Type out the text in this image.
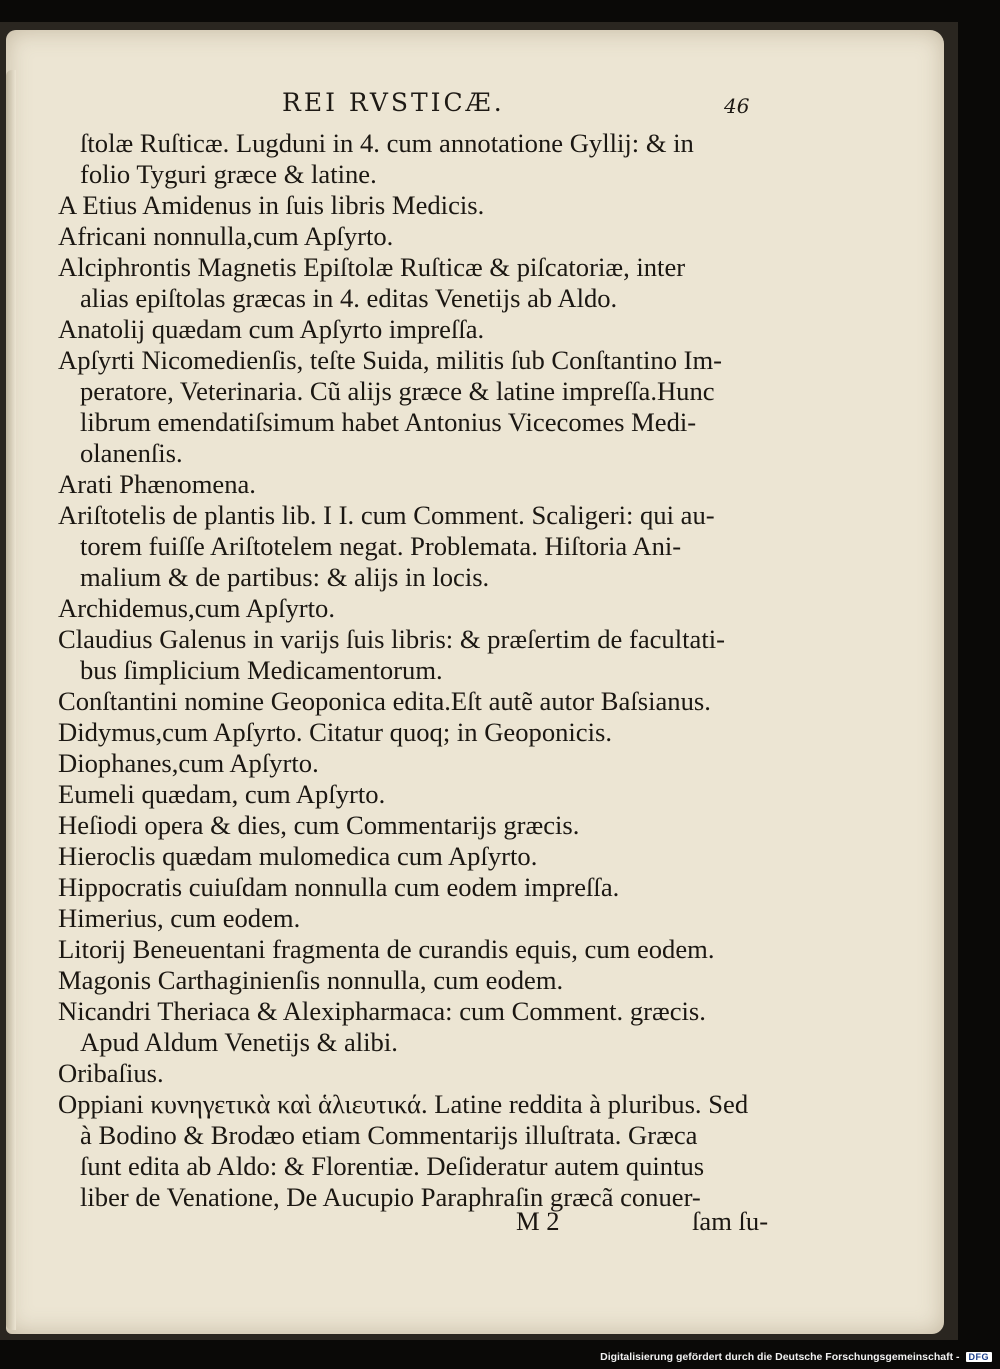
REI RVSTICÆ.	46
ſtolæ Ruſticæ. Lugduni in 4. cum annotatione Gyllij: & in
folio Tyguri græce & latine.
A Etius Amidenus in ſuis libris Medicis.
Africani nonnulla,cum Apſyrto.
Alciphrontis Magnetis Epiſtolæ Ruſticæ & piſcatoriæ, inter
alias epiſtolas græcas in 4. editas Venetijs ab Aldo.
Anatolij quædam cum Apſyrto impreſſa.
Apſyrti Nicomedienſis, teſte Suida, militis ſub Conſtantino Im-
peratore, Veterinaria. Cũ alijs græce & latine impreſſa.Hunc
librum emendatiſsimum habet Antonius Vicecomes Medi-
olanenſis.
Arati Phænomena.
Ariſtotelis de plantis lib. I I. cum Comment. Scaligeri: qui au-
torem fuiſſe Ariſtotelem negat. Problemata. Hiſtoria Ani-
malium & de partibus: & alijs in locis.
Archidemus,cum Apſyrto.
Claudius Galenus in varijs ſuis libris: & præſertim de facultati-
bus ſimplicium Medicamentorum.
Conſtantini nomine Geoponica edita.Eſt autẽ autor Baſsianus.
Didymus,cum Apſyrto. Citatur quoq; in Geoponicis.
Diophanes,cum Apſyrto.
Eumeli quædam, cum Apſyrto.
Heſiodi opera & dies, cum Commentarijs græcis.
Hieroclis quædam mulomedica cum Apſyrto.
Hippocratis cuiuſdam nonnulla cum eodem impreſſa.
Himerius, cum eodem.
Litorij Beneuentani fragmenta de curandis equis, cum eodem.
Magonis Carthaginienſis nonnulla, cum eodem.
Nicandri Theriaca & Alexipharmaca: cum Comment. græcis.
Apud Aldum Venetijs & alibi.
Oribaſius.
Oppiani κυνηγετικὰ καὶ ἁλιευτικά. Latine reddita à pluribus. Sed
à Bodino & Brodæo etiam Commentarijs illuſtrata. Græca
ſunt edita ab Aldo: & Florentiæ. Deſideratur autem quintus
liber de Venatione, De Aucupio Paraphraſin græcã conuer-
M 2	ſam ſu-
Digitalisierung gefördert durch die Deutsche Forschungsgemeinschaft -	DFG
